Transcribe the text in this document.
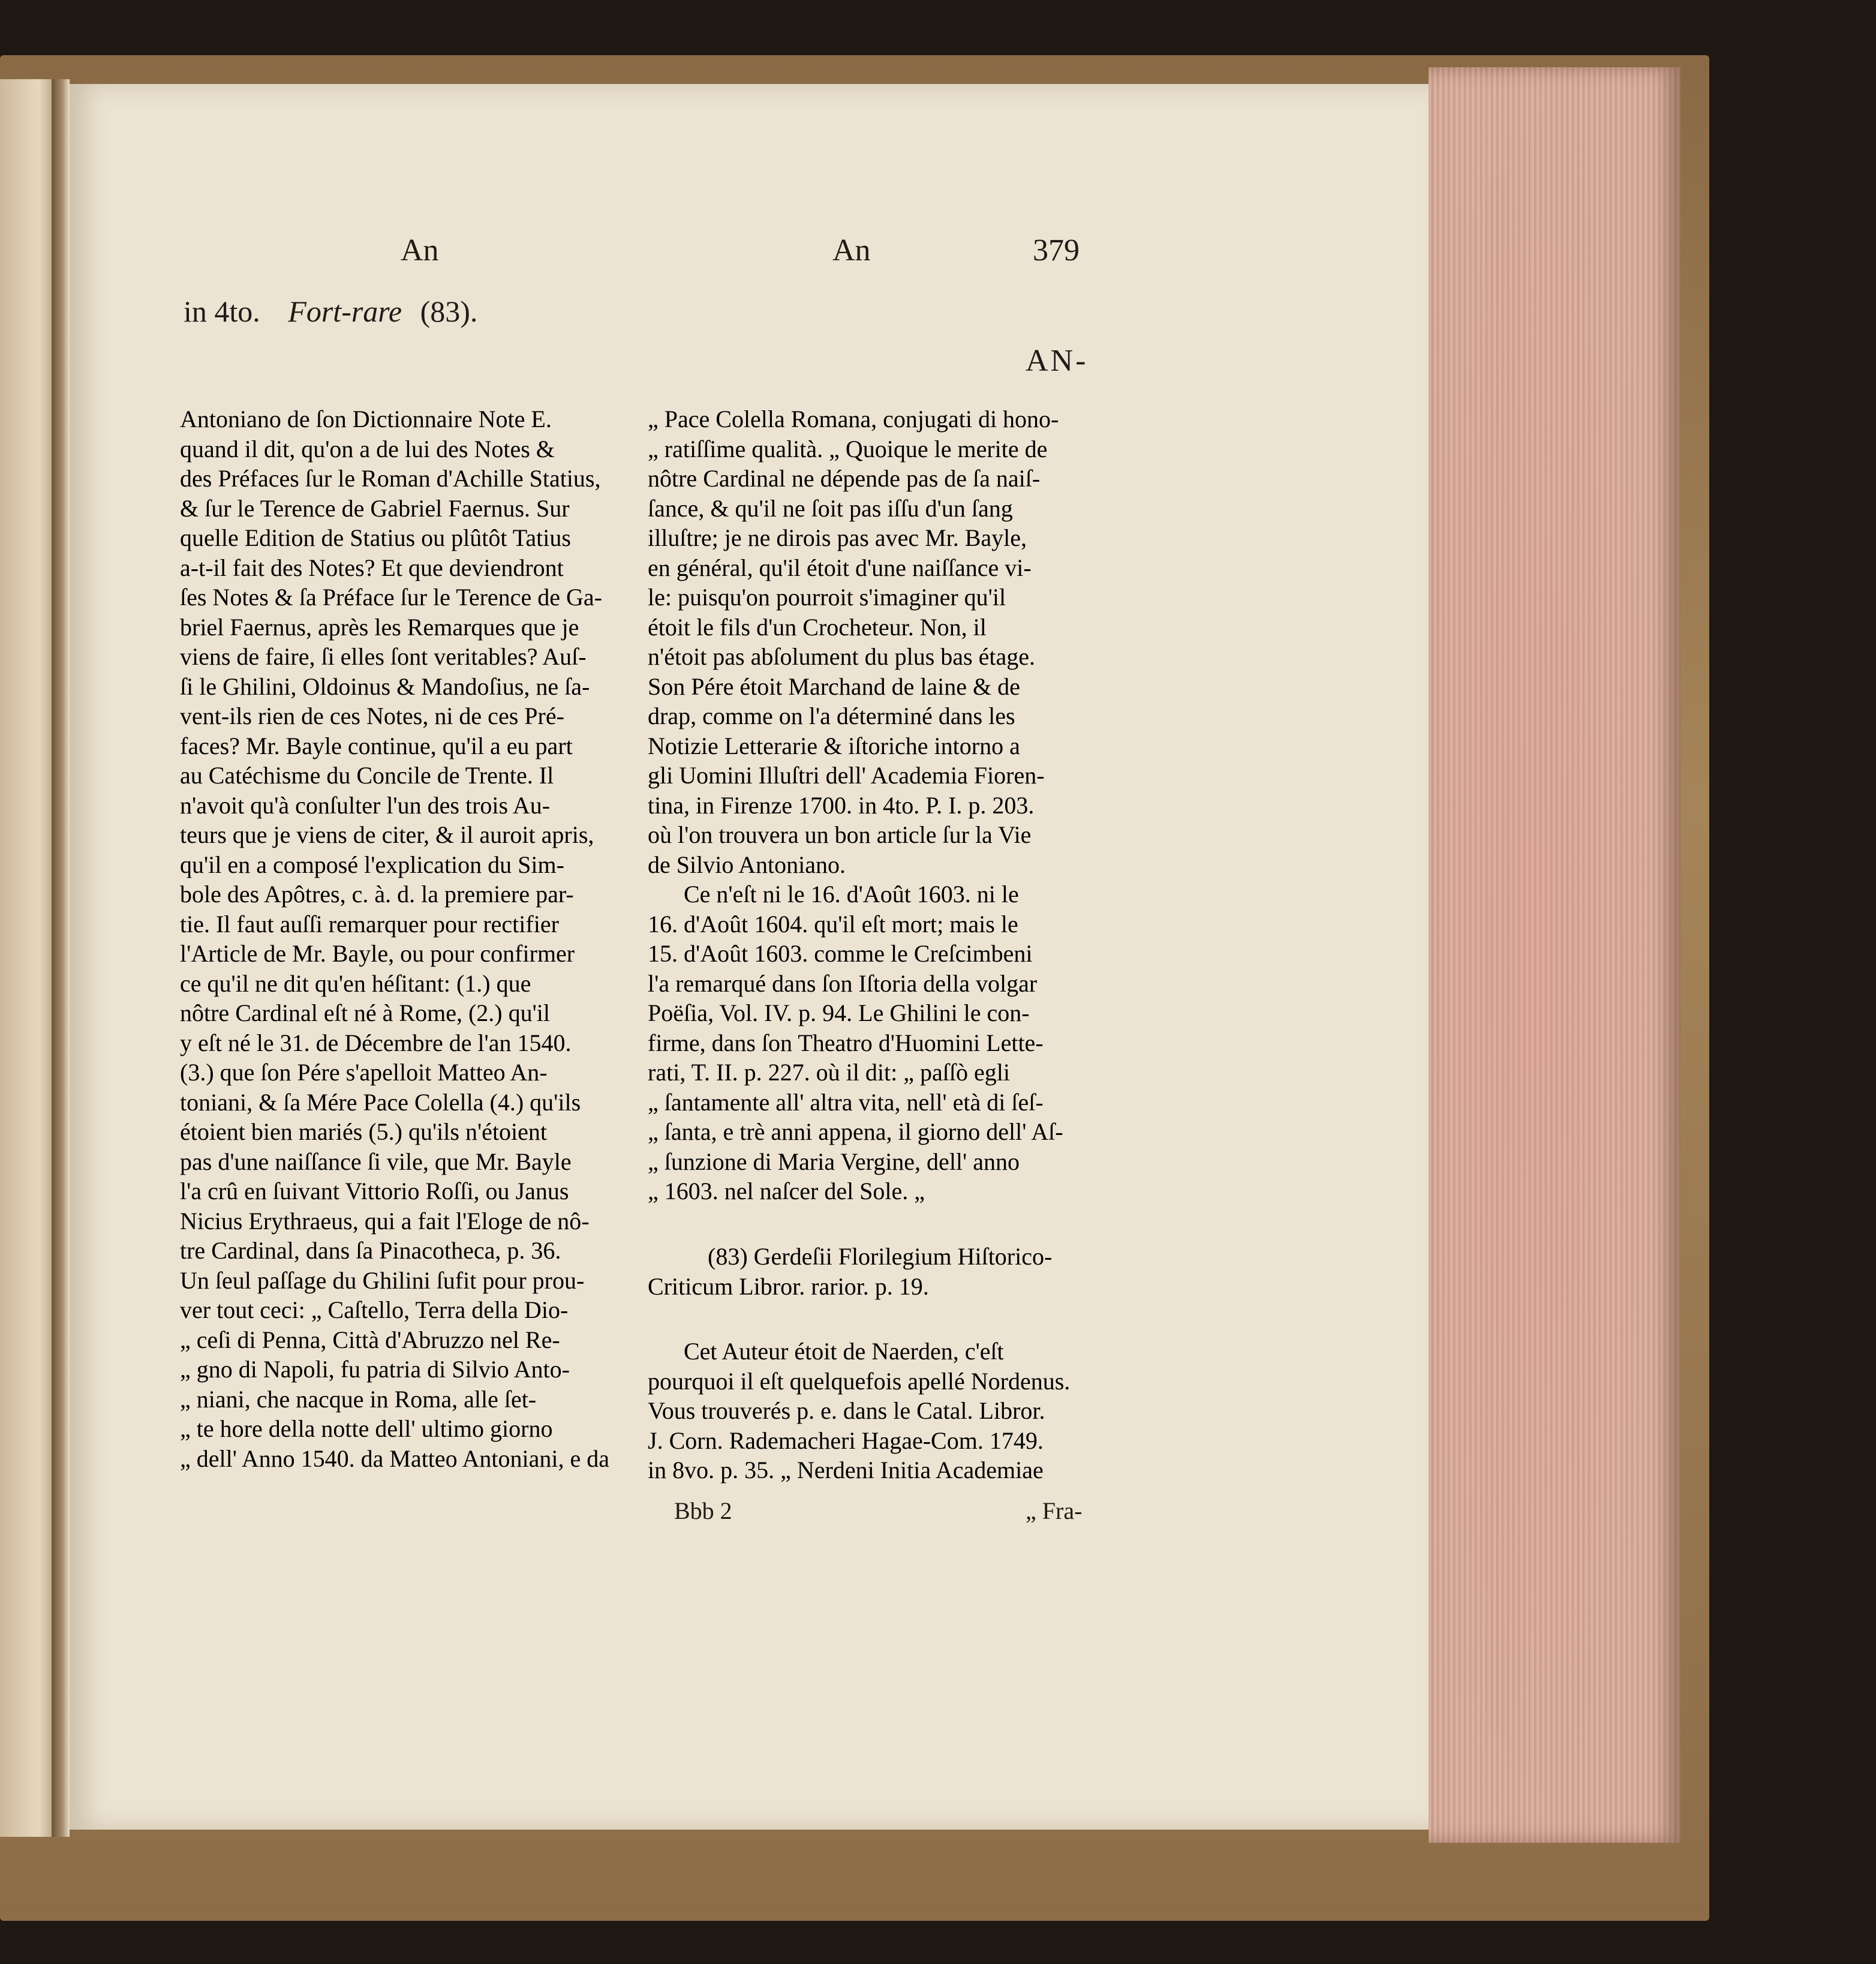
An	An	379
in 4to. Fort-rare (83).
AN-
Antoniano de ſon Dictionnaire Note E.
quand il dit, qu'on a de lui des Notes &
des Préfaces ſur le Roman d'Achille Statius,
& ſur le Terence de Gabriel Faernus. Sur
quelle Edition de Statius ou plûtôt Tatius
a-t-il fait des Notes? Et que deviendront
ſes Notes & ſa Préface ſur le Terence de Ga-
briel Faernus, après les Remarques que je
viens de faire, ſi elles ſont veritables? Auſ-
ſi le Ghilini, Oldoinus & Mandoſius, ne ſa-
vent-ils rien de ces Notes, ni de ces Pré-
faces? Mr. Bayle continue, qu'il a eu part
au Catéchisme du Concile de Trente. Il
n'avoit qu'à conſulter l'un des trois Au-
teurs que je viens de citer, & il auroit apris,
qu'il en a composé l'explication du Sim-
bole des Apôtres, c. à. d. la premiere par-
tie. Il faut auſſi remarquer pour rectifier
l'Article de Mr. Bayle, ou pour confirmer
ce qu'il ne dit qu'en héſitant: (1.) que
nôtre Cardinal eſt né à Rome, (2.) qu'il
y eſt né le 31. de Décembre de l'an 1540.
(3.) que ſon Pére s'apelloit Matteo An-
toniani, & ſa Mére Pace Colella (4.) qu'ils
étoient bien mariés (5.) qu'ils n'étoient
pas d'une naiſſance ſi vile, que Mr. Bayle
l'a crû en ſuivant Vittorio Roſſi, ou Janus
Nicius Erythraeus, qui a fait l'Eloge de nô-
tre Cardinal, dans ſa Pinacotheca, p. 36.
Un ſeul paſſage du Ghilini ſufit pour prou-
ver tout ceci: „ Caſtello, Terra della Dio-
„ ceſi di Penna, Città d'Abruzzo nel Re-
„ gno di Napoli, fu patria di Silvio Anto-
„ niani, che nacque in Roma, alle ſet-
„ te hore della notte dell' ultimo giorno
„ dell' Anno 1540. da Matteo Antoniani, e da
„ Pace Colella Romana, conjugati di hono-
„ ratiſſime qualità. „ Quoique le merite de
nôtre Cardinal ne dépende pas de ſa naiſ-
ſance, & qu'il ne ſoit pas iſſu d'un ſang
illuſtre; je ne dirois pas avec Mr. Bayle,
en général, qu'il étoit d'une naiſſance vi-
le: puisqu'on pourroit s'imaginer qu'il
étoit le fils d'un Crocheteur. Non, il
n'étoit pas abſolument du plus bas étage.
Son Pére étoit Marchand de laine & de
drap, comme on l'a déterminé dans les
Notizie Letterarie & iſtoriche intorno a
gli Uomini Illuſtri dell' Academia Fioren-
tina, in Firenze 1700. in 4to. P. I. p. 203.
où l'on trouvera un bon article ſur la Vie
de Silvio Antoniano.
Ce n'eſt ni le 16. d'Août 1603. ni le
16. d'Août 1604. qu'il eſt mort; mais le
15. d'Août 1603. comme le Creſcimbeni
l'a remarqué dans ſon Iſtoria della volgar
Poëſia, Vol. IV. p. 94. Le Ghilini le con-
firme, dans ſon Theatro d'Huomini Lette-
rati, T. II. p. 227. où il dit: „ paſſò egli
„ ſantamente all' altra vita, nell' età di ſeſ-
„ ſanta, e trè anni appena, il giorno dell' Aſ-
„ ſunzione di Maria Vergine, dell' anno
„ 1603. nel naſcer del Sole. „
(83) Gerdeſii Florilegium Hiſtorico-
Criticum Libror. rarior. p. 19.
Cet Auteur étoit de Naerden, c'eſt
pourquoi il eſt quelquefois apellé Nordenus.
Vous trouverés p. e. dans le Catal. Libror.
J. Corn. Rademacheri Hagae-Com. 1749.
in 8vo. p. 35. „ Nerdeni Initia Academiae
Bbb 2	„ Fra-
